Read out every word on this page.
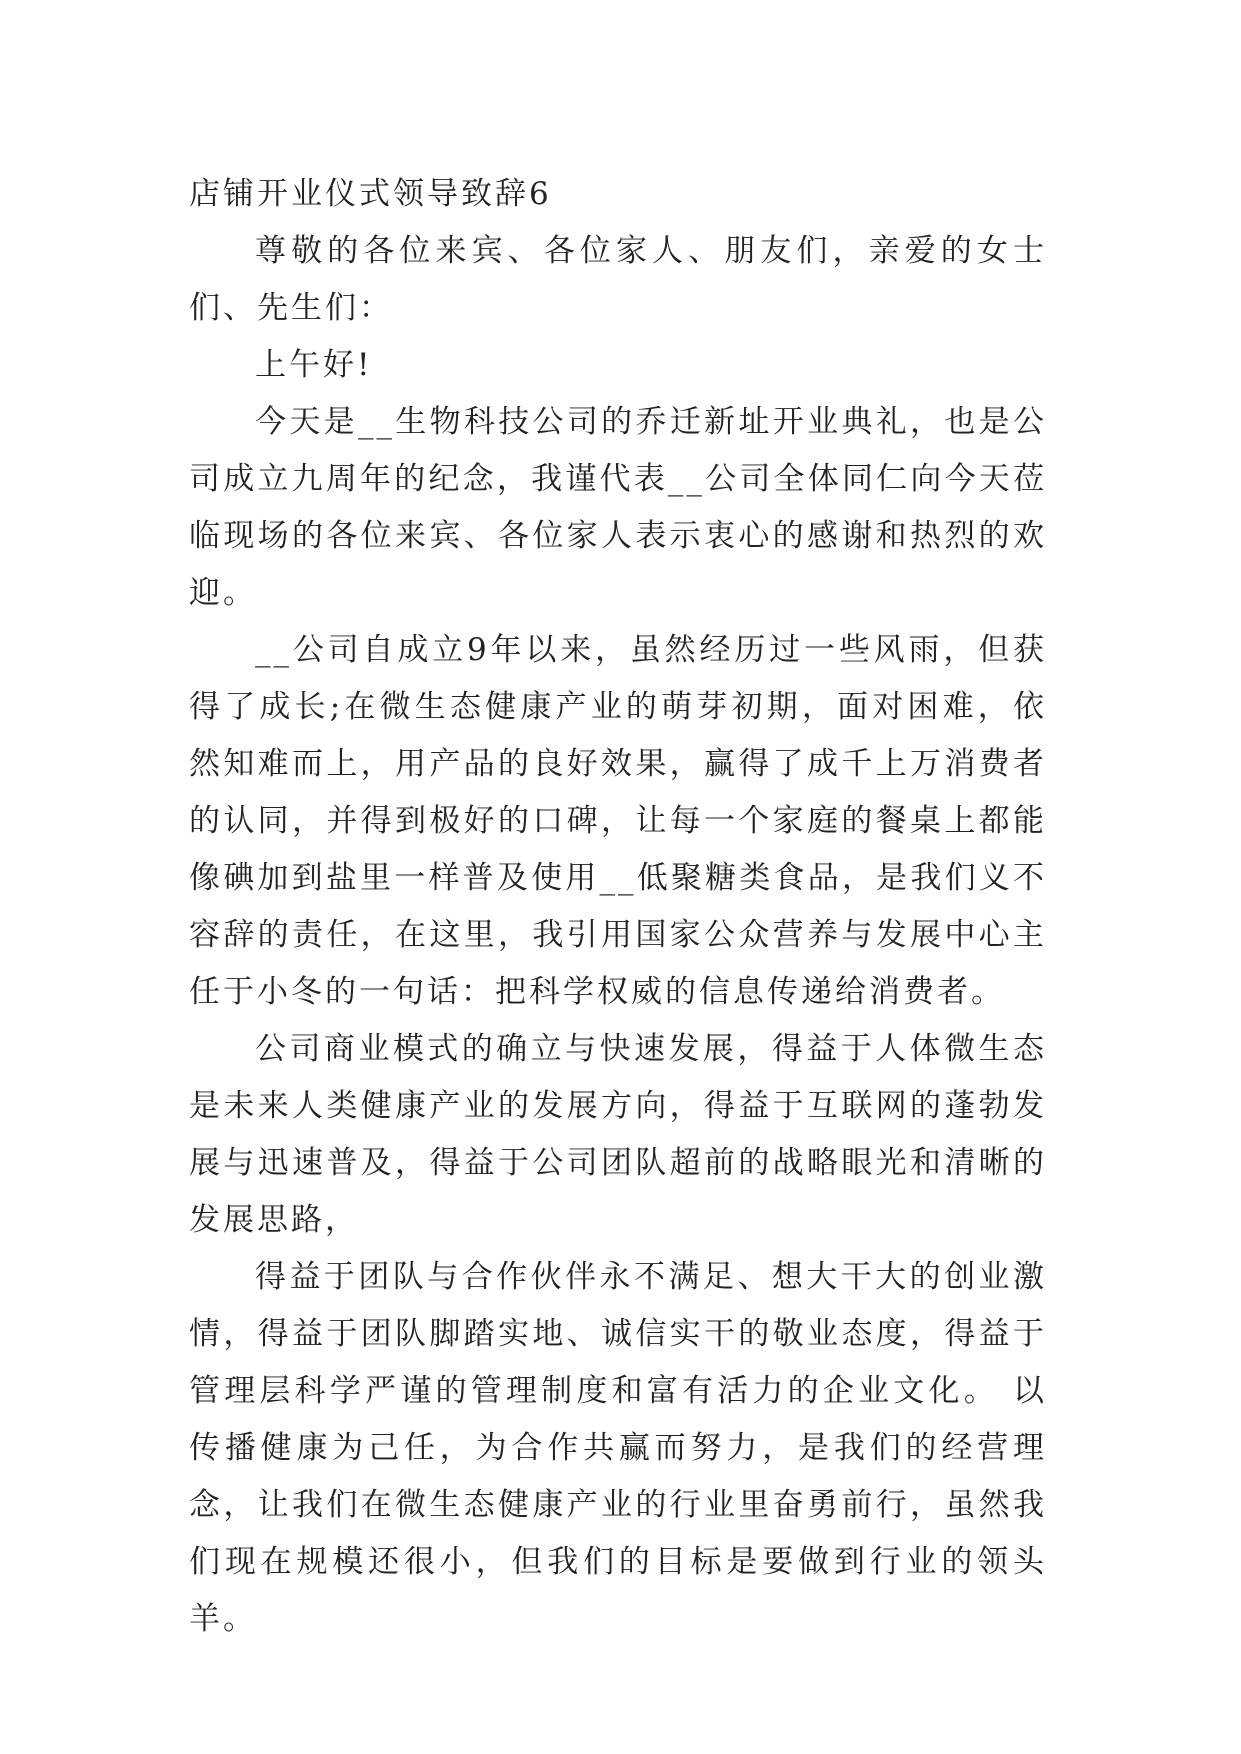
店铺开业仪式领导致辞6

尊敬的各位来宾、各位家人、朋友们，亲爱的女士们、先生们：

上午好!

今天是__生物科技公司的乔迁新址开业典礼，也是公司成立九周年的纪念，我谨代表__公司全体同仁向今天莅临现场的各位来宾、各位家人表示衷心的感谢和热烈的欢迎。

__公司自成立9年以来，虽然经历过一些风雨，但获得了成长;在微生态健康产业的萌芽初期，面对困难，依然知难而上，用产品的良好效果，赢得了成千上万消费者的认同，并得到极好的口碑，让每一个家庭的餐桌上都能像碘加到盐里一样普及使用__低聚糖类食品，是我们义不容辞的责任，在这里，我引用国家公众营养与发展中心主任于小冬的一句话：把科学权威的信息传递给消费者。

公司商业模式的确立与快速发展，得益于人体微生态是未来人类健康产业的发展方向，得益于互联网的蓬勃发展与迅速普及，得益于公司团队超前的战略眼光和清晰的发展思路，

得益于团队与合作伙伴永不满足、想大干大的创业激情，得益于团队脚踏实地、诚信实干的敬业态度，得益于管理层科学严谨的管理制度和富有活力的企业文化。 以传播健康为己任，为合作共赢而努力，是我们的经营理念，让我们在微生态健康产业的行业里奋勇前行，虽然我们现在规模还很小，但我们的目标是要做到行业的领头羊。
